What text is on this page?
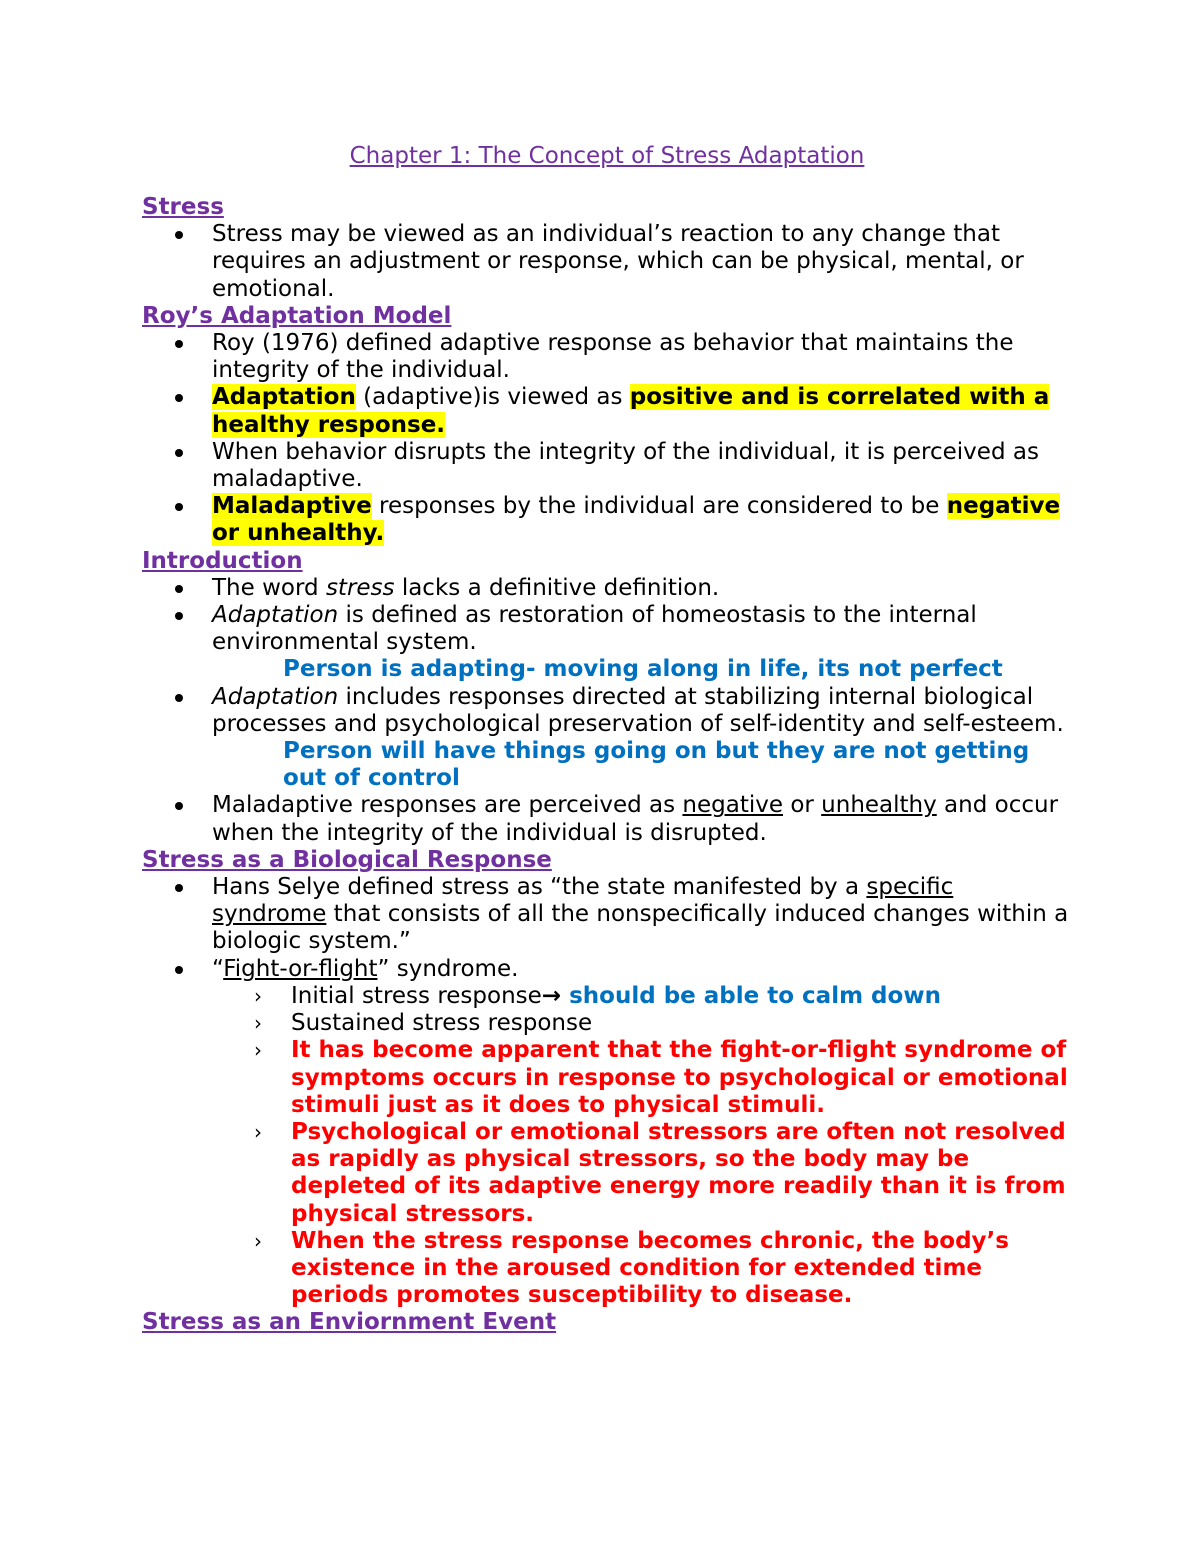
Chapter 1: The Concept of Stress Adaptation
Stress
Stress may be viewed as an individual’s reaction to any change that requires an adjustment or response, which can be physical, mental, or emotional.
Roy’s Adaptation Model
Roy (1976) defined adaptive response as behavior that maintains the integrity of the individual.
Adaptation (adaptive)is viewed as positive and is correlated with a healthy response.
When behavior disrupts the integrity of the individual, it is perceived as maladaptive.
Maladaptive responses by the individual are considered to be negative or unhealthy.
Introduction
The word stress lacks a definitive definition.
Adaptation is defined as restoration of homeostasis to the internal environmental system.
Person is adapting- moving along in life, its not perfect
Adaptation includes responses directed at stabilizing internal biological processes and psychological preservation of self-identity and self-esteem.
Person will have things going on but they are not getting out of control
Maladaptive responses are perceived as negative or unhealthy and occur when the integrity of the individual is disrupted.
Stress as a Biological Response
Hans Selye defined stress as “the state manifested by a specific syndrome that consists of all the nonspecifically induced changes within a biologic system.”
“Fight-or-flight” syndrome.
› Initial stress response→ should be able to calm down
› Sustained stress response
› It has become apparent that the fight-or-flight syndrome of symptoms occurs in response to psychological or emotional stimuli just as it does to physical stimuli.
› Psychological or emotional stressors are often not resolved as rapidly as physical stressors, so the body may be depleted of its adaptive energy more readily than it is from physical stressors.
› When the stress response becomes chronic, the body’s existence in the aroused condition for extended time periods promotes susceptibility to disease.
Stress as an Enviornment Event
